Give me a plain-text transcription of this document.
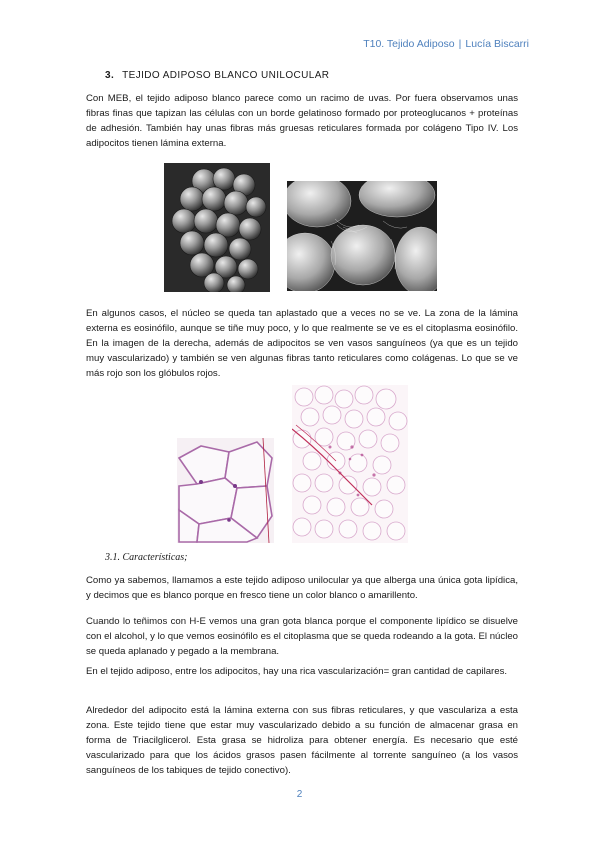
T10. Tejido Adiposo | Lucía Biscarri
3. TEJIDO ADIPOSO BLANCO UNILOCULAR

Con MEB, el tejido adiposo blanco parece como un racimo de uvas. Por fuera observamos unas fibras finas que tapizan las células con un borde gelatinoso formado por proteoglucanos + proteínas de adhesión. También hay unas fibras más gruesas reticulares formada por colágeno Tipo IV. Los adipocitos tienen lámina externa.

En algunos casos, el núcleo se queda tan aplastado que a veces no se ve. La zona de la lámina externa es eosinófilo, aunque se tiñe muy poco, y lo que realmente se ve es el citoplasma eosinófilo. En la imagen de la derecha, además de adipocitos se ven vasos sanguíneos (ya que es un tejido muy vascularizado) y también se ven algunas fibras tanto reticulares como colágenas. Lo que se ve más rojo son los glóbulos rojos.

3.1. Características;

Como ya sabemos, llamamos a este tejido adiposo unilocular ya que alberga una única gota lipídica, y decimos que es blanco porque en fresco tiene un color blanco o amarillento.

Cuando lo teñimos con H-E vemos una gran gota blanca porque el componente lipídico se disuelve con el alcohol, y lo que vemos eosinófilo es el citoplasma que se queda rodeando a la gota. El núcleo se queda aplanado y pegado a la membrana.

En el tejido adiposo, entre los adipocitos, hay una rica vascularización= gran cantidad de capilares.

Alrededor del adipocito está la lámina externa con sus fibras reticulares, y que vasculariza a esta zona. Este tejido tiene que estar muy vascularizado debido a su función de almacenar grasa en forma de Triacilglicerol. Esta grasa se hidroliza para obtener energía. Es necesario que esté vascularizado para que los ácidos grasos pasen fácilmente al torrente sanguíneo (a los vasos sanguíneos de los tabiques de tejido conectivo).

2
